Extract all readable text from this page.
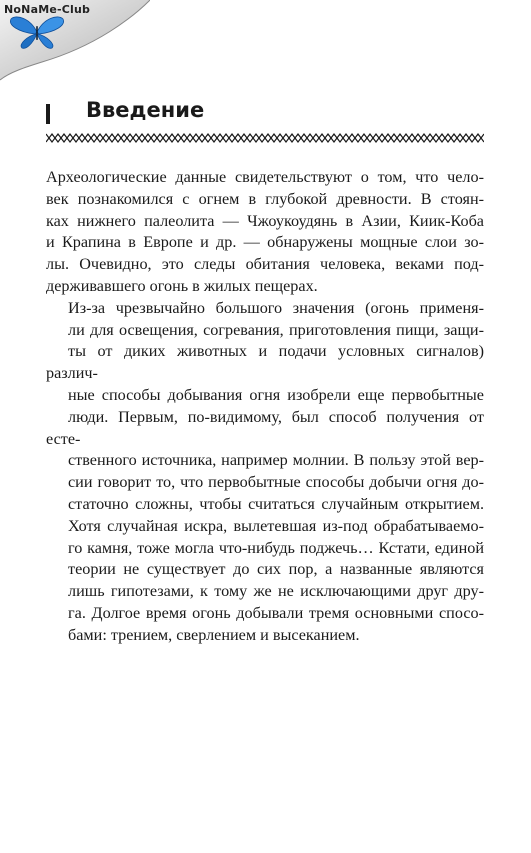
NoNaMe-Club
Введение

Археологические данные свидетельствуют о том, что чело-
век познакомился с огнем в глубокой древности. В стоян-
ках нижнего палеолита — Чжоукоудянь в Азии, Киик-Коба
и Крапина в Европе и др. — обнаружены мощные слои зо-
лы. Очевидно, это следы обитания человека, веками под-
держивавшего огонь в жилых пещерах.

Из-за чрезвычайно большого значения (огонь применя-
ли для освещения, согревания, приготовления пищи, защи-
ты от диких животных и подачи условных сигналов) различ-
ные способы добывания огня изобрели еще первобытные
люди. Первым, по-видимому, был способ получения от есте-
ственного источника, например молнии. В пользу этой вер-
сии говорит то, что первобытные способы добычи огня до-
статочно сложны, чтобы считаться случайным открытием.
Хотя случайная искра, вылетевшая из-под обрабатываемо-
го камня, тоже могла что-нибудь поджечь… Кстати, единой
теории не существует до сих пор, а названные являются
лишь гипотезами, к тому же не исключающими друг дру-
га. Долгое время огонь добывали тремя основными спосо-
бами: трением, сверлением и высеканием.
